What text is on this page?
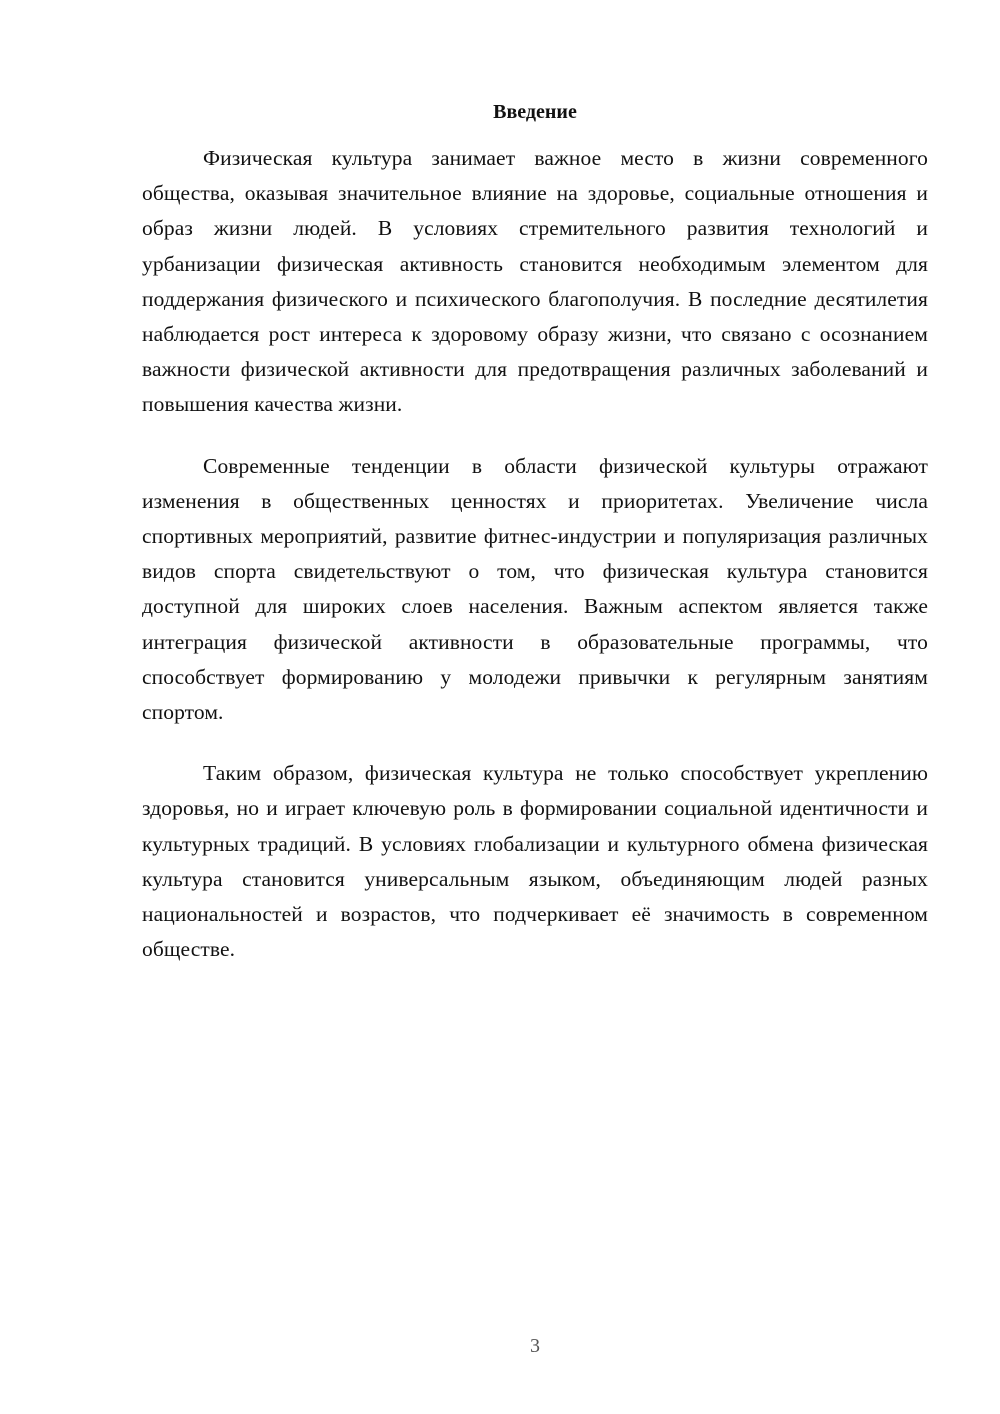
Введение

Физическая культура занимает важное место в жизни современного общества, оказывая значительное влияние на здоровье, социальные отношения и образ жизни людей. В условиях стремительного развития технологий и урбанизации физическая активность становится необходимым элементом для поддержания физического и психического благополучия. В последние десятилетия наблюдается рост интереса к здоровому образу жизни, что связано с осознанием важности физической активности для предотвращения различных заболеваний и повышения качества жизни.

Современные тенденции в области физической культуры отражают изменения в общественных ценностях и приоритетах. Увеличение числа спортивных мероприятий, развитие фитнес-индустрии и популяризация различных видов спорта свидетельствуют о том, что физическая культура становится доступной для широких слоев населения. Важным аспектом является также интеграция физической активности в образовательные программы, что способствует формированию у молодежи привычки к регулярным занятиям спортом.

Таким образом, физическая культура не только способствует укреплению здоровья, но и играет ключевую роль в формировании социальной идентичности и культурных традиций. В условиях глобализации и культурного обмена физическая культура становится универсальным языком, объединяющим людей разных национальностей и возрастов, что подчеркивает её значимость в современном обществе.

3
